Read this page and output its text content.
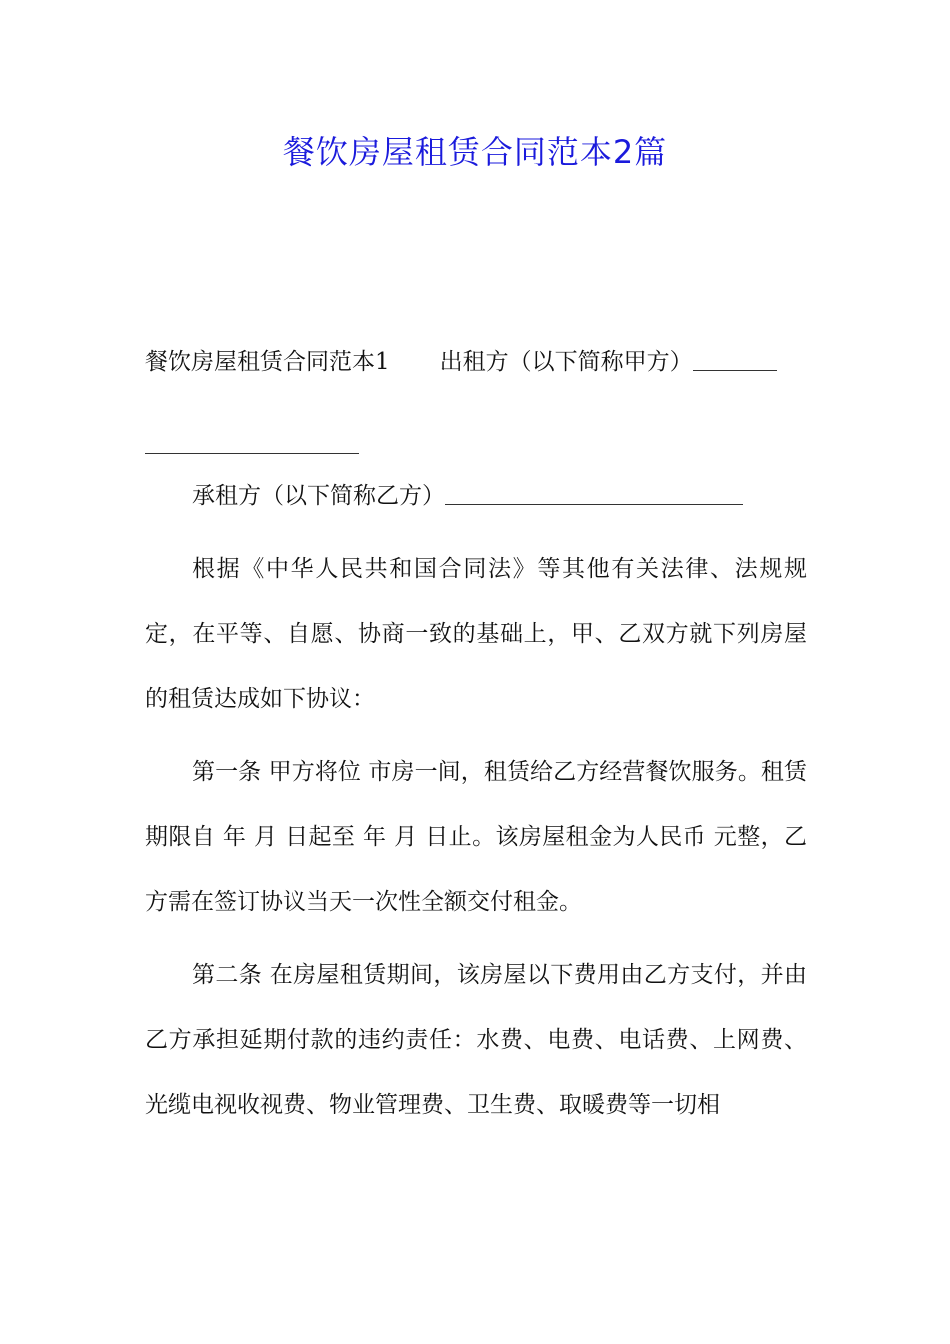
餐饮房屋租赁合同范本2篇

餐饮房屋租赁合同范本1 出租方（以下简称甲方）

承租方（以下简称乙方）

根据《中华人民共和国合同法》等其他有关法律、法规规定，在平等、自愿、协商一致的基础上，甲、乙双方就下列房屋的租赁达成如下协议：

第一条 甲方将位 市房一间，租赁给乙方经营餐饮服务。租赁期限自 年 月 日起至 年 月 日止。该房屋租金为人民币 元整，乙方需在签订协议当天一次性全额交付租金。

第二条 在房屋租赁期间，该房屋以下费用由乙方支付，并由乙方承担延期付款的违约责任：水费、电费、电话费、上网费、光缆电视收视费、物业管理费、卫生费、取暖费等一切相
